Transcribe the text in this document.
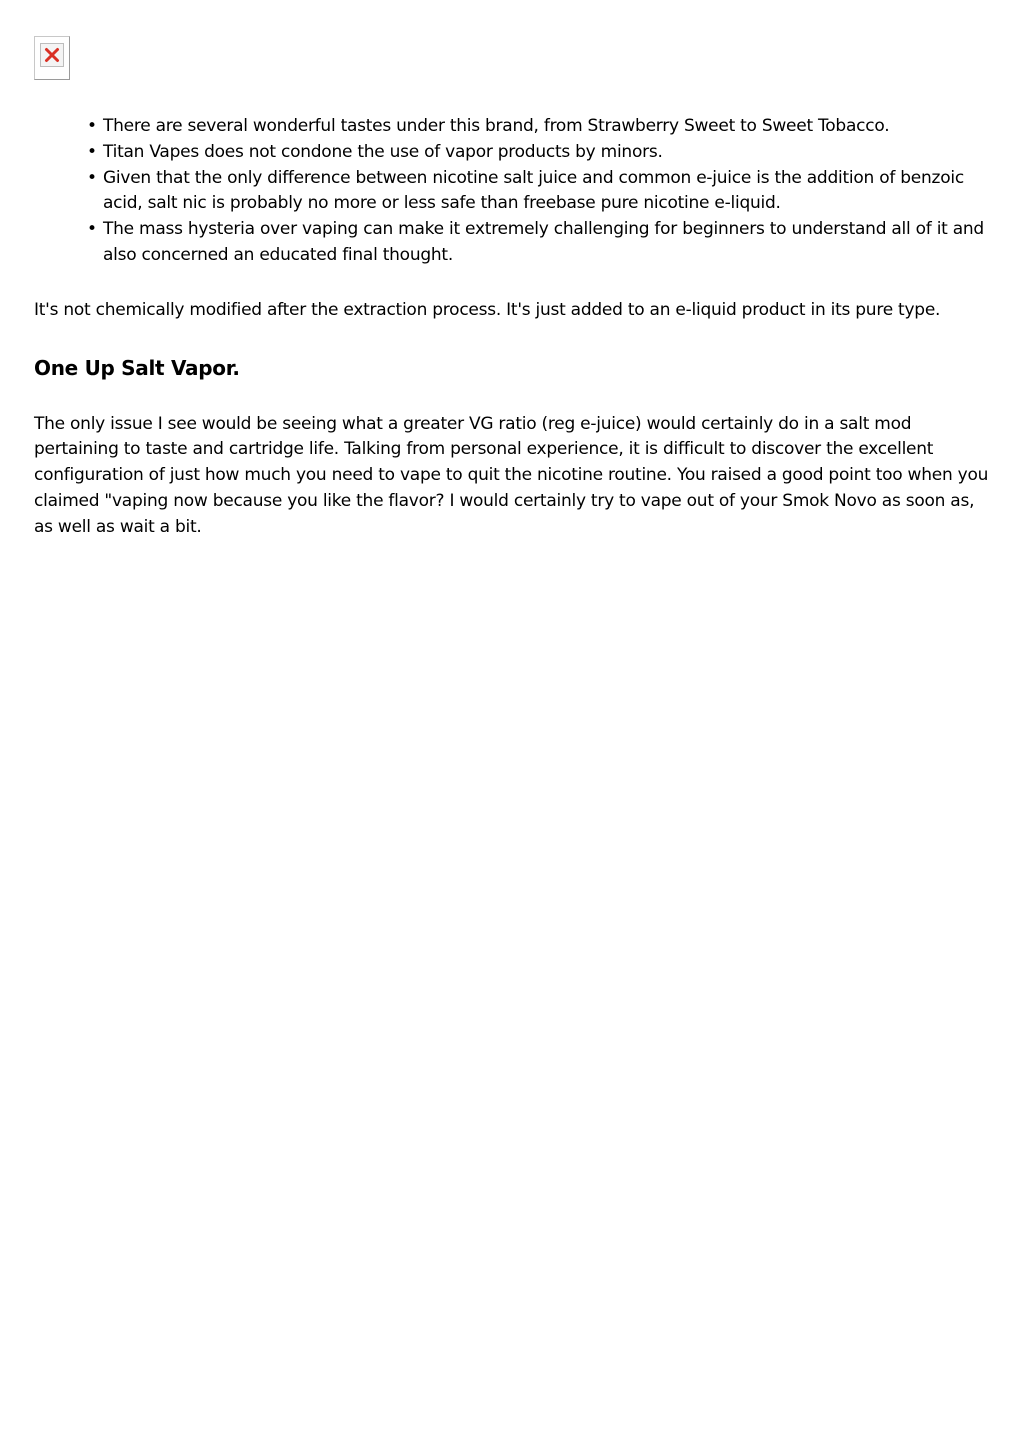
• There are several wonderful tastes under this brand, from Strawberry Sweet to Sweet Tobacco.
• Titan Vapes does not condone the use of vapor products by minors.
• Given that the only difference between nicotine salt juice and common e-juice is the addition of benzoic acid, salt nic is probably no more or less safe than freebase pure nicotine e-liquid.
• The mass hysteria over vaping can make it extremely challenging for beginners to understand all of it and also concerned an educated final thought.

It's not chemically modified after the extraction process. It's just added to an e-liquid product in its pure type.

One Up Salt Vapor.

The only issue I see would be seeing what a greater VG ratio (reg e-juice) would certainly do in a salt mod pertaining to taste and cartridge life. Talking from personal experience, it is difficult to discover the excellent configuration of just how much you need to vape to quit the nicotine routine. You raised a good point too when you claimed "vaping now because you like the flavor? I would certainly try to vape out of your Smok Novo as soon as, as well as wait a bit.
